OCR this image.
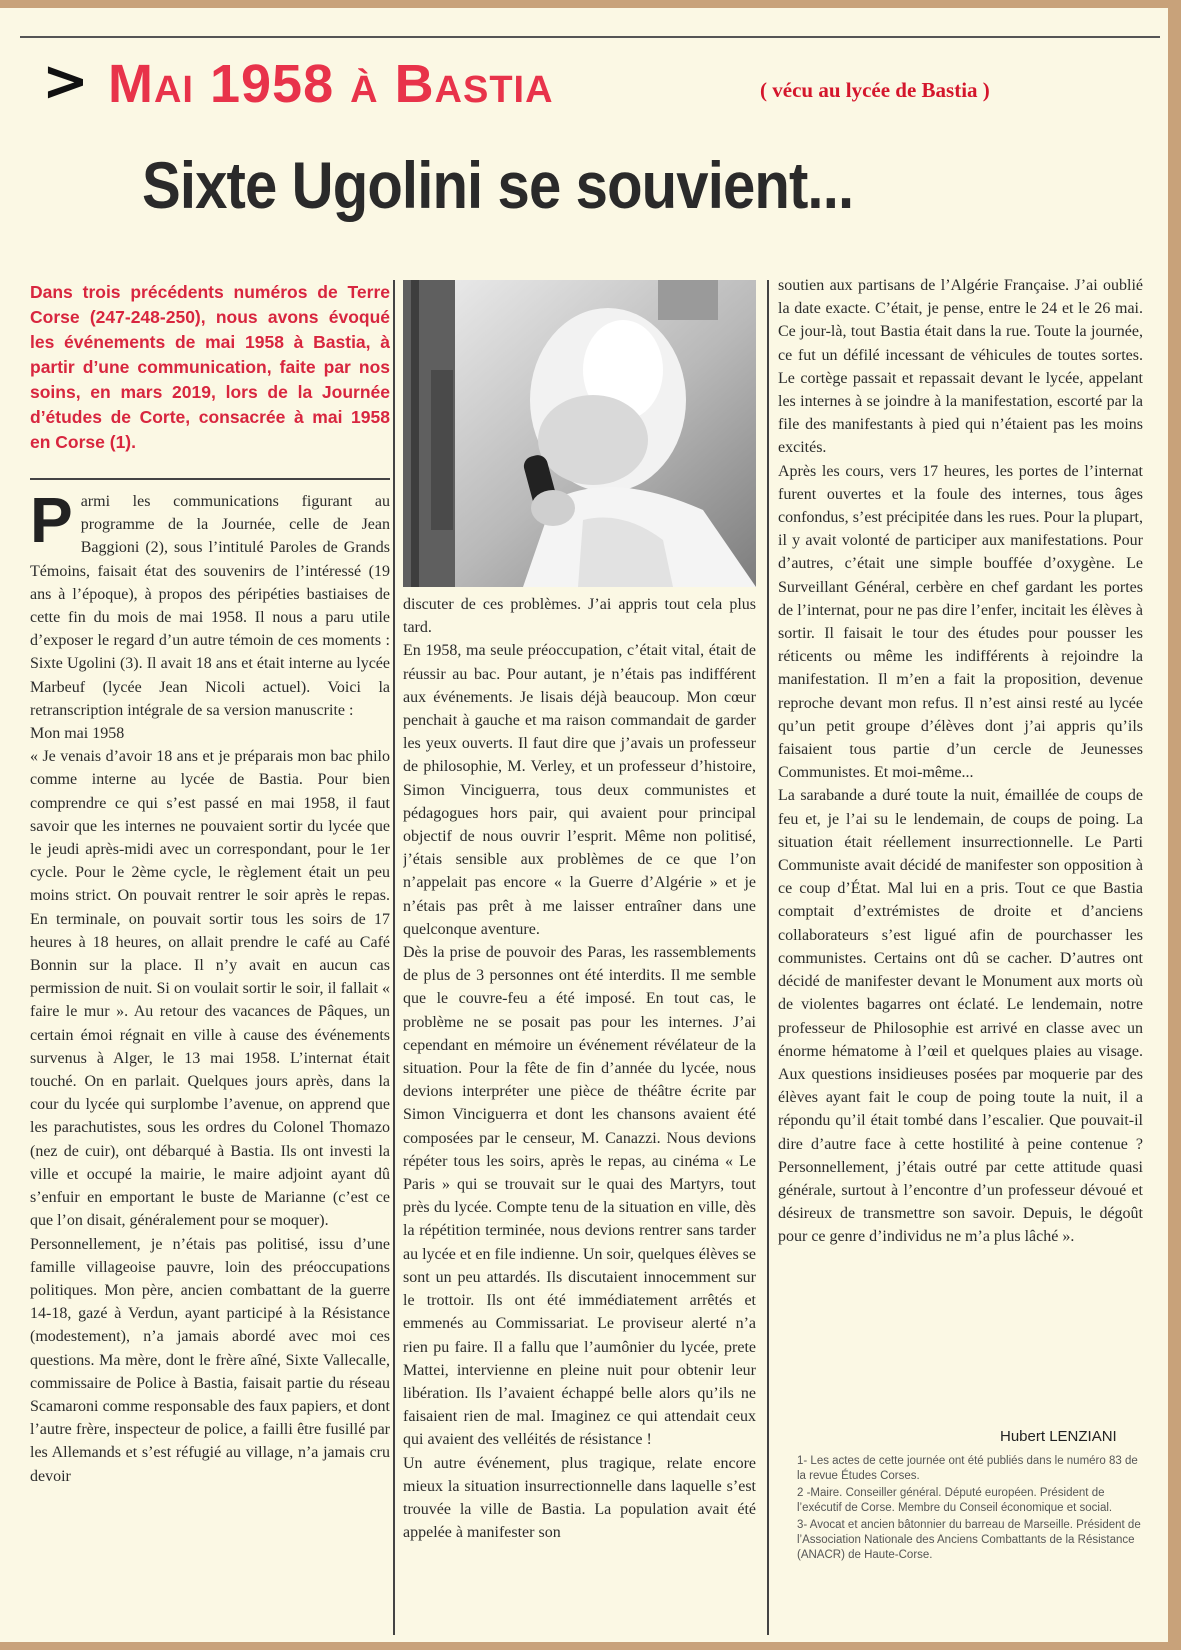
> Mai 1958 à Bastia	( vécu au lycée de Bastia )
Sixte Ugolini se souvient...

Dans trois précédents numéros de Terre Corse (247-248-250), nous avons évoqué les événements de mai 1958 à Bastia, à partir d’une communication, faite par nos soins, en mars 2019, lors de la Journée d’études de Corte, consacrée à mai 1958 en Corse (1).

P armi les communications figurant au programme de la Journée, celle de Jean Baggioni (2), sous l’intitulé Paroles de Grands Témoins, faisait état des souvenirs de l’intéressé (19 ans à l’époque), à propos des péripéties bastiaises de cette fin du mois de mai 1958. Il nous a paru utile d’exposer le regard d’un autre témoin de ces moments : Sixte Ugolini (3). Il avait 18 ans et était interne au lycée Marbeuf (lycée Jean Nicoli actuel). Voici la retranscription intégrale de sa version manuscrite :

Mon mai 1958

« Je venais d’avoir 18 ans et je préparais mon bac philo comme interne au lycée de Bastia. Pour bien comprendre ce qui s’est passé en mai 1958, il faut savoir que les internes ne pouvaient sortir du lycée que le jeudi après-midi avec un correspondant, pour le 1er cycle. Pour le 2ème cycle, le règlement était un peu moins strict. On pouvait rentrer le soir après le repas. En terminale, on pouvait sortir tous les soirs de 17 heures à 18 heures, on allait prendre le café au Café Bonnin sur la place. Il n’y avait en aucun cas permission de nuit. Si on voulait sortir le soir, il fallait « faire le mur ». Au retour des vacances de Pâques, un certain émoi régnait en ville à cause des événements survenus à Alger, le 13 mai 1958. L’internat était touché. On en parlait. Quelques jours après, dans la cour du lycée qui surplombe l’avenue, on apprend que les parachutistes, sous les ordres du Colonel Thomazo (nez de cuir), ont débarqué à Bastia. Ils ont investi la ville et occupé la mairie, le maire adjoint ayant dû s’enfuir en emportant le buste de Marianne (c’est ce que l’on disait, généralement pour se moquer).

Personnellement, je n’étais pas politisé, issu d’une famille villageoise pauvre, loin des préoccupations politiques. Mon père, ancien combattant de la guerre 14-18, gazé à Verdun, ayant participé à la Résistance (modestement), n’a jamais abordé avec moi ces questions. Ma mère, dont le frère aîné, Sixte Vallecalle, commissaire de Police à Bastia, faisait partie du réseau Scamaroni comme responsable des faux papiers, et dont l’autre frère, inspecteur de police, a failli être fusillé par les Allemands et s’est réfugié au village, n’a jamais cru devoir

discuter de ces problèmes. J’ai appris tout cela plus tard.

En 1958, ma seule préoccupation, c’était vital, était de réussir au bac. Pour autant, je n’étais pas indifférent aux événements. Je lisais déjà beaucoup. Mon cœur penchait à gauche et ma raison commandait de garder les yeux ouverts. Il faut dire que j’avais un professeur de philosophie, M. Verley, et un professeur d’histoire, Simon Vinciguerra, tous deux communistes et pédagogues hors pair, qui avaient pour principal objectif de nous ouvrir l’esprit. Même non politisé, j’étais sensible aux problèmes de ce que l’on n’appelait pas encore « la Guerre d’Algérie » et je n’étais pas prêt à me laisser entraîner dans une quelconque aventure.

Dès la prise de pouvoir des Paras, les rassemblements de plus de 3 personnes ont été interdits. Il me semble que le couvre-feu a été imposé. En tout cas, le problème ne se posait pas pour les internes. J’ai cependant en mémoire un événement révélateur de la situation. Pour la fête de fin d’année du lycée, nous devions interpréter une pièce de théâtre écrite par Simon Vinciguerra et dont les chansons avaient été composées par le censeur, M. Canazzi. Nous devions répéter tous les soirs, après le repas, au cinéma « Le Paris » qui se trouvait sur le quai des Martyrs, tout près du lycée. Compte tenu de la situation en ville, dès la répétition terminée, nous devions rentrer sans tarder au lycée et en file indienne. Un soir, quelques élèves se sont un peu attardés. Ils discutaient innocemment sur le trottoir. Ils ont été immédiatement arrêtés et emmenés au Commissariat. Le proviseur alerté n’a rien pu faire. Il a fallu que l’aumônier du lycée, prete Mattei, intervienne en pleine nuit pour obtenir leur libération. Ils l’avaient échappé belle alors qu’ils ne faisaient rien de mal. Imaginez ce qui attendait ceux qui avaient des velléités de résistance !

Un autre événement, plus tragique, relate encore mieux la situation insurrectionnelle dans laquelle s’est trouvée la ville de Bastia. La population avait été appelée à manifester son

soutien aux partisans de l’Algérie Française. J’ai oublié la date exacte. C’était, je pense, entre le 24 et le 26 mai. Ce jour-là, tout Bastia était dans la rue. Toute la journée, ce fut un défilé incessant de véhicules de toutes sortes. Le cortège passait et repassait devant le lycée, appelant les internes à se joindre à la manifestation, escorté par la file des manifestants à pied qui n’étaient pas les moins excités.

Après les cours, vers 17 heures, les portes de l’internat furent ouvertes et la foule des internes, tous âges confondus, s’est précipitée dans les rues. Pour la plupart, il y avait volonté de participer aux manifestations. Pour d’autres, c’était une simple bouffée d’oxygène. Le Surveillant Général, cerbère en chef gardant les portes de l’internat, pour ne pas dire l’enfer, incitait les élèves à sortir. Il faisait le tour des études pour pousser les réticents ou même les indifférents à rejoindre la manifestation. Il m’en a fait la proposition, devenue reproche devant mon refus. Il n’est ainsi resté au lycée qu’un petit groupe d’élèves dont j’ai appris qu’ils faisaient tous partie d’un cercle de Jeunesses Communistes. Et moi-même...

La sarabande a duré toute la nuit, émaillée de coups de feu et, je l’ai su le lendemain, de coups de poing. La situation était réellement insurrectionnelle. Le Parti Communiste avait décidé de manifester son opposition à ce coup d’État. Mal lui en a pris. Tout ce que Bastia comptait d’extrémistes de droite et d’anciens collaborateurs s’est ligué afin de pourchasser les communistes. Certains ont dû se cacher. D’autres ont décidé de manifester devant le Monument aux morts où de violentes bagarres ont éclaté. Le lendemain, notre professeur de Philosophie est arrivé en classe avec un énorme hématome à l’œil et quelques plaies au visage. Aux questions insidieuses posées par moquerie par des élèves ayant fait le coup de poing toute la nuit, il a répondu qu’il était tombé dans l’escalier. Que pouvait-il dire d’autre face à cette hostilité à peine contenue ? Personnellement, j’étais outré par cette attitude quasi générale, surtout à l’encontre d’un professeur dévoué et désireux de transmettre son savoir. Depuis, le dégoût pour ce genre d’individus ne m’a plus lâché ».

Hubert LENZIANI

1- Les actes de cette journée ont été publiés dans le numéro 83 de la revue Études Corses.

2 -Maire. Conseiller général. Député européen. Président de l’exécutif de Corse. Membre du Conseil économique et social.

3- Avocat et ancien bâtonnier du barreau de Marseille. Président de l’Association Nationale des Anciens Combattants de la Résistance (ANACR) de Haute-Corse.
